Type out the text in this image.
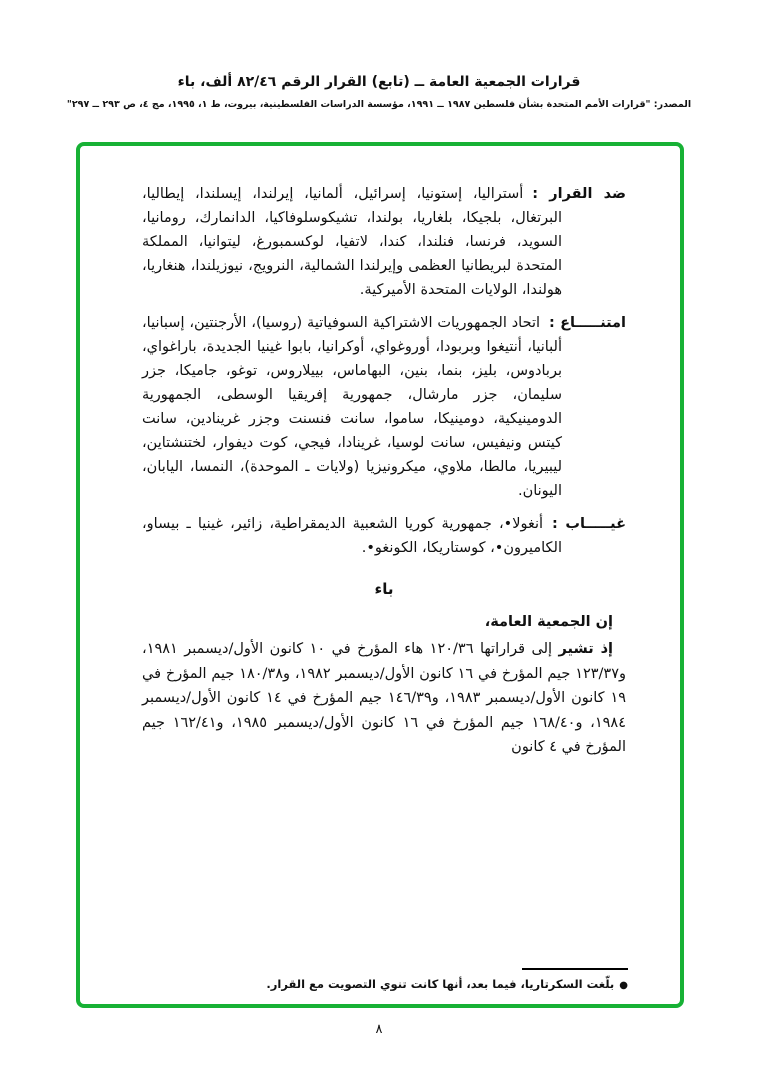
قرارات الجمعية العامة ــ (تابع) القرار الرقم ٨٢/٤٦ ألف، باء
المصدر: "قرارات الأمم المتحدة بشأن فلسطين ١٩٨٧ ــ ١٩٩١، مؤسسة الدراسات الفلسطينية، بيروت، ط ١، ١٩٩٥، مج ٤، ص ٢٩٣ ــ ٢٩٧"

ضد القرار :أستراليا، إستونيا، إسرائيل، ألمانيا، إيرلندا، إيسلندا، إيطاليا، البرتغال، بلجيكا، بلغاريا، بولندا، تشيكوسلوفاكيا، الدانمارك، رومانيا، السويد، فرنسا، فنلندا، كندا، لاتفيا، لوكسمبورغ، ليتوانيا، المملكة المتحدة لبريطانيا العظمى وإيرلندا الشمالية، النرويج، نيوزيلندا، هنغاريا، هولندا، الولايات المتحدة الأميركية.

امتنـــــاع :اتحاد الجمهوريات الاشتراكية السوفياتية (روسيا)، الأرجنتين، إسبانيا، ألبانيا، أنتيغوا وبربودا، أوروغواي، أوكرانيا، بابوا غينيا الجديدة، باراغواي، بربادوس، بليز، بنما، بنين، البهاماس، بييلاروس، توغو، جاميكا، جزر سليمان، جزر مارشال، جمهورية إفريقيا الوسطى، الجمهورية الدومينيكية، دومينيكا، ساموا، سانت فنسنت وجزر غرينادين، سانت كيتس ونيفيس، سانت لوسيا، غرينادا، فيجي، كوت ديفوار، لختنشتاين، ليبيريا، مالطا، ملاوي، ميكرونيزيا (ولايات ـ الموحدة)، النمسا، اليابان، اليونان.

غيـــــاب :أنغولا•، جمهورية كوريا الشعبية الديمقراطية، زائير، غينيا ـ بيساو، الكاميرون•، كوستاريكا، الكونغو•.

باء
إن الجمعية العامة،

إذ تشير إلى قراراتها ١٢٠/٣٦ هاء المؤرخ في ١٠ كانون الأول/ديسمبر ١٩٨١، و١٢٣/٣٧ جيم المؤرخ في ١٦ كانون الأول/ديسمبر ١٩٨٢، و١٨٠/٣٨ جيم المؤرخ في ١٩ كانون الأول/ديسمبر ١٩٨٣، و١٤٦/٣٩ جيم المؤرخ في ١٤ كانون الأول/ديسمبر ١٩٨٤، و١٦٨/٤٠ جيم المؤرخ في ١٦ كانون الأول/ديسمبر ١٩٨٥، و١٦٢/٤١ جيم المؤرخ في ٤ كانون

●بلّغت السكرتاريا، فيما بعد، أنها كانت تنوي التصويت مع القرار.
٨
